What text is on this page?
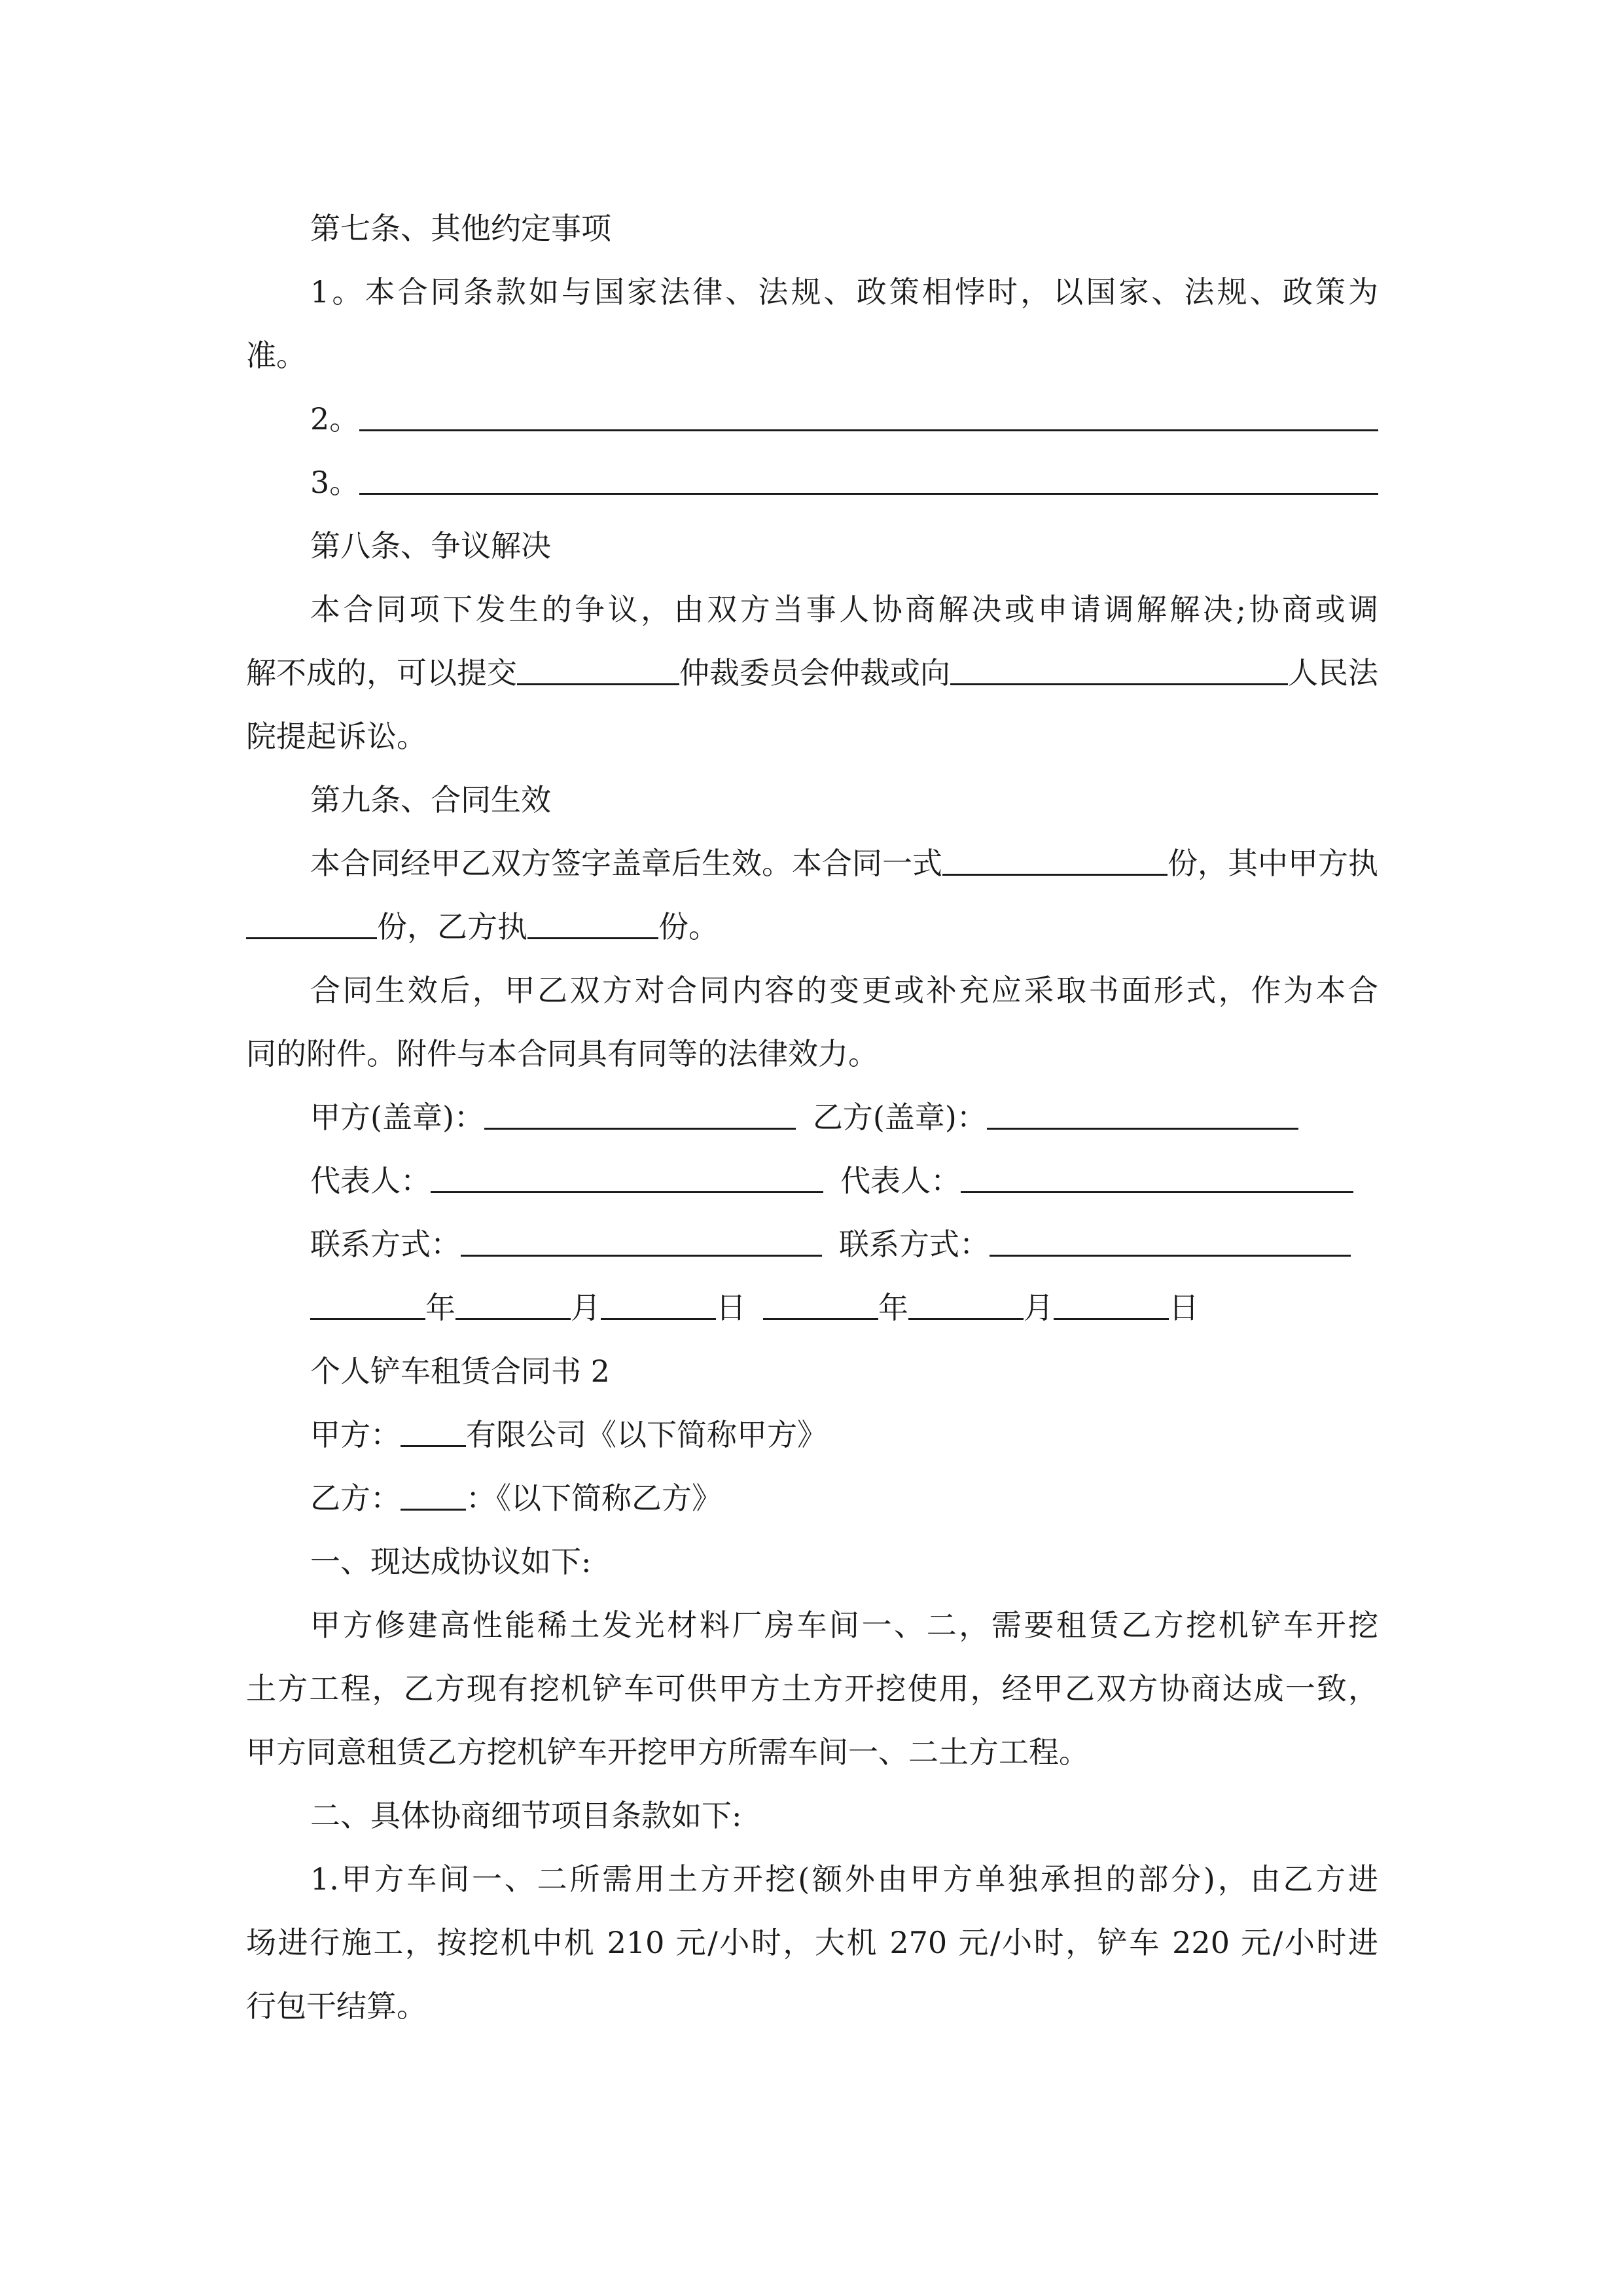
第七条、其他约定事项
1。本合同条款如与国家法律、法规、政策相悖时，以国家、法规、政策为
准。
2。
3。
第八条、争议解决
本合同项下发生的争议，由双方当事人协商解决或申请调解解决;协商或调
解不成的，可以提交	仲裁委员会仲裁或向	人民法
院提起诉讼。
第九条、合同生效
本合同经甲乙双方签字盖章后生效。本合同一式	份，其中甲方执
份，乙方执	份。
合同生效后，甲乙双方对合同内容的变更或补充应采取书面形式，作为本合
同的附件。附件与本合同具有同等的法律效力。
甲方(盖章)：	乙方(盖章)：
代表人：	代表人：
联系方式：	联系方式：
年	月	日	年	月	日
个人铲车租赁合同书 2
甲方： 有限公司《以下简称甲方》
乙方： ：《以下简称乙方》
一、现达成协议如下:
甲方修建高性能稀土发光材料厂房车间一、二，需要租赁乙方挖机铲车开挖
土方工程，乙方现有挖机铲车可供甲方土方开挖使用，经甲乙双方协商达成一致，
甲方同意租赁乙方挖机铲车开挖甲方所需车间一、二土方工程。
二、具体协商细节项目条款如下:
1.甲方车间一、二所需用土方开挖(额外由甲方单独承担的部分)，由乙方进
场进行施工，按挖机中机 210 元/小时，大机 270 元/小时，铲车 220 元/小时进
行包干结算。
